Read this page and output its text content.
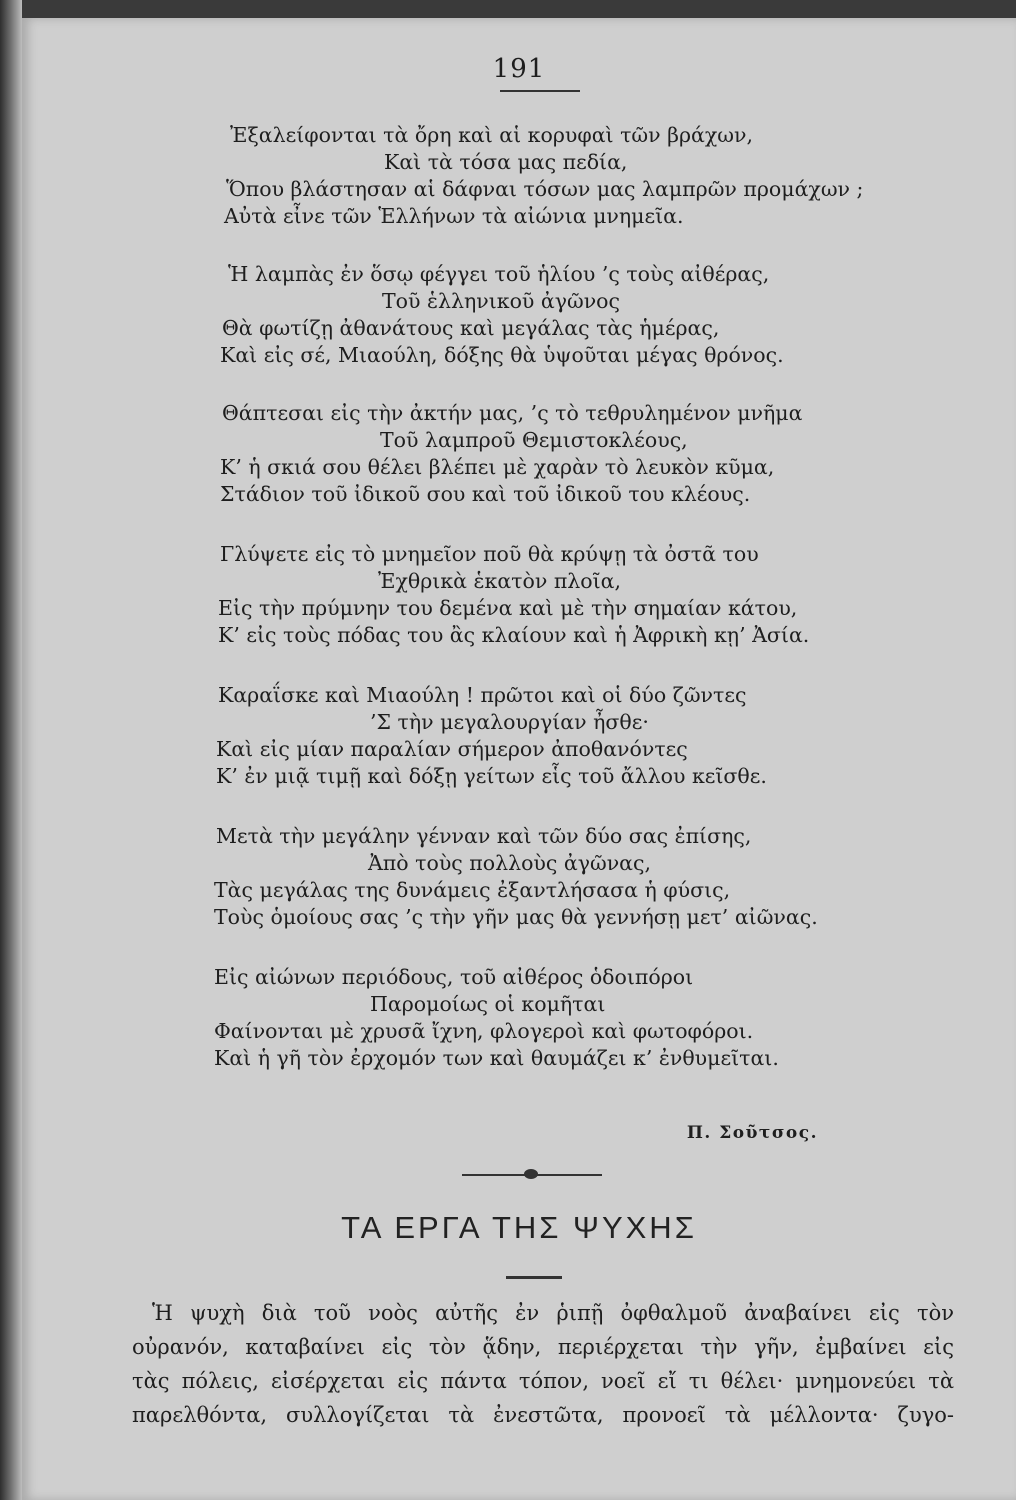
191
Ἐξαλείφονται τὰ ὄρη καὶ αἱ κορυφαὶ τῶν βράχων,
Καὶ τὰ τόσα μας πεδία,
Ὅπου βλάστησαν αἱ δάφναι τόσων μας λαμπρῶν προμάχων ;
Αὐτὰ εἶνε τῶν Ἑλλήνων τὰ αἰώνια μνημεῖα.
Ἡ λαμπὰς ἐν ὅσῳ φέγγει τοῦ ἡλίου ’ς τοὺς αἰθέρας,
Τοῦ ἑλληνικοῦ ἀγῶνος
Θὰ φωτίζῃ ἀθανάτους καὶ μεγάλας τὰς ἡμέρας,
Καὶ εἰς σέ, Μιαούλη, δόξης θὰ ὑψοῦται μέγας θρόνος.
Θάπτεσαι εἰς τὴν ἀκτήν μας, ’ς τὸ τεθρυλημένον μνῆμα
Τοῦ λαμπροῦ Θεμιστοκλέους,
Κ’ ἡ σκιά σου θέλει βλέπει μὲ χαρὰν τὸ λευκὸν κῦμα,
Στάδιον τοῦ ἰδικοῦ σου καὶ τοῦ ἰδικοῦ του κλέους.
Γλύψετε εἰς τὸ μνημεῖον ποῦ θὰ κρύψῃ τὰ ὀστᾶ του
Ἐχθρικὰ ἑκατὸν πλοῖα,
Εἰς τὴν πρύμνην του δεμένα καὶ μὲ τὴν σημαίαν κάτου,
Κ’ εἰς τοὺς πόδας του ἂς κλαίουν καὶ ἡ Ἀφρικὴ κῃ’ Ἀσία.
Καραΐσκε καὶ Μιαούλη ! πρῶτοι καὶ οἱ δύο ζῶντες
’Σ τὴν μεγαλουργίαν ἦσθε·
Καὶ εἰς μίαν παραλίαν σήμερον ἀποθανόντες
Κ’ ἐν μιᾷ τιμῇ καὶ δόξῃ γείτων εἷς τοῦ ἄλλου κεῖσθε.
Μετὰ τὴν μεγάλην γένναν καὶ τῶν δύο σας ἐπίσης,
Ἀπὸ τοὺς πολλοὺς ἀγῶνας,
Τὰς μεγάλας της δυνάμεις ἐξαντλήσασα ἡ φύσις,
Τοὺς ὁμοίους σας ’ς τὴν γῆν μας θὰ γεννήσῃ μετ’ αἰῶνας.
Εἰς αἰώνων περιόδους, τοῦ αἰθέρος ὁδοιπόροι
Παρομοίως οἱ κομῆται
Φαίνονται μὲ χρυσᾶ ἴχνη, φλογεροὶ καὶ φωτοφόροι.
Καὶ ἡ γῆ τὸν ἐρχομόν των καὶ θαυμάζει κ’ ἐνθυμεῖται.
Π. Σοῦτσος.
ΤΑ ΕΡΓΑ ΤΗΣ ΨΥΧΗΣ
Ἡ ψυχὴ διὰ τοῦ νοὸς αὐτῆς ἐν ῥιπῇ ὀφθαλμοῦ ἀναβαίνει εἰς τὸν
οὐρανόν, καταβαίνει εἰς τὸν ᾅδην, περιέρχεται τὴν γῆν, ἐμβαίνει εἰς
τὰς πόλεις, εἰσέρχεται εἰς πάντα τόπον, νοεῖ εἴ τι θέλει· μνημονεύει τὰ
παρελθόντα, συλλογίζεται τὰ ἐνεστῶτα, προνοεῖ τὰ μέλλοντα· ζυγο-
